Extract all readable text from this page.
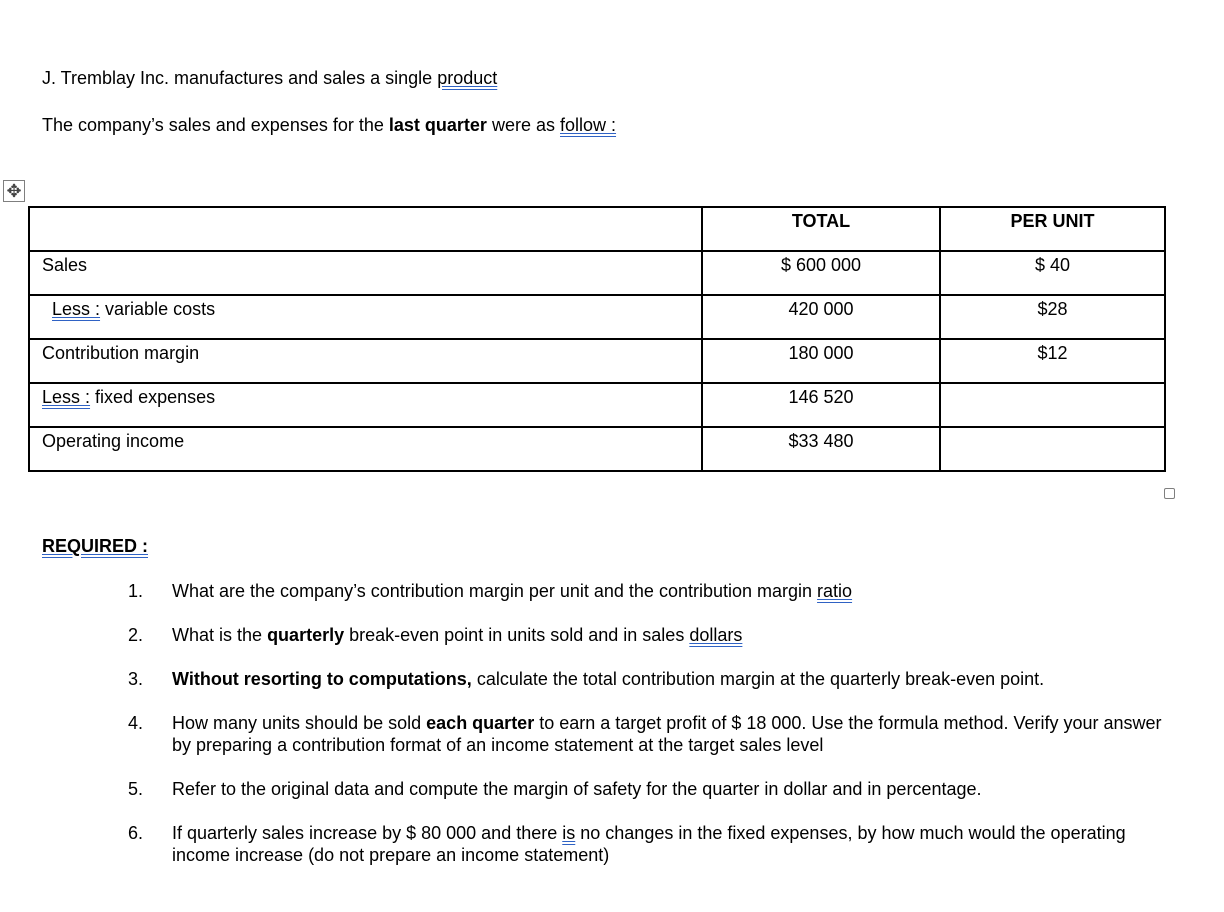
J. Tremblay Inc. manufactures and sales a single product
The company’s sales and expenses for the last quarter were as follow :
✥
	TOTAL	PER UNIT
Sales	$ 600 000	$ 40
Less : variable costs	420 000	$28
Contribution margin	180 000	$12
Less : fixed expenses	146 520	
Operating income	$33 480	
REQUIRED :
1. What are the company’s contribution margin per unit and the contribution margin ratio
2. What is the quarterly break-even point in units sold and in sales dollars
3. Without resorting to computations, calculate the total contribution margin at the quarterly break-even point.
4. How many units should be sold each quarter to earn a target profit of $ 18 000. Use the formula method. Verify your answer by preparing a contribution format of an income statement at the target sales level
5. Refer to the original data and compute the margin of safety for the quarter in dollar and in percentage.
6. If quarterly sales increase by $ 80 000 and there is no changes in the fixed expenses, by how much would the operating income increase (do not prepare an income statement)
